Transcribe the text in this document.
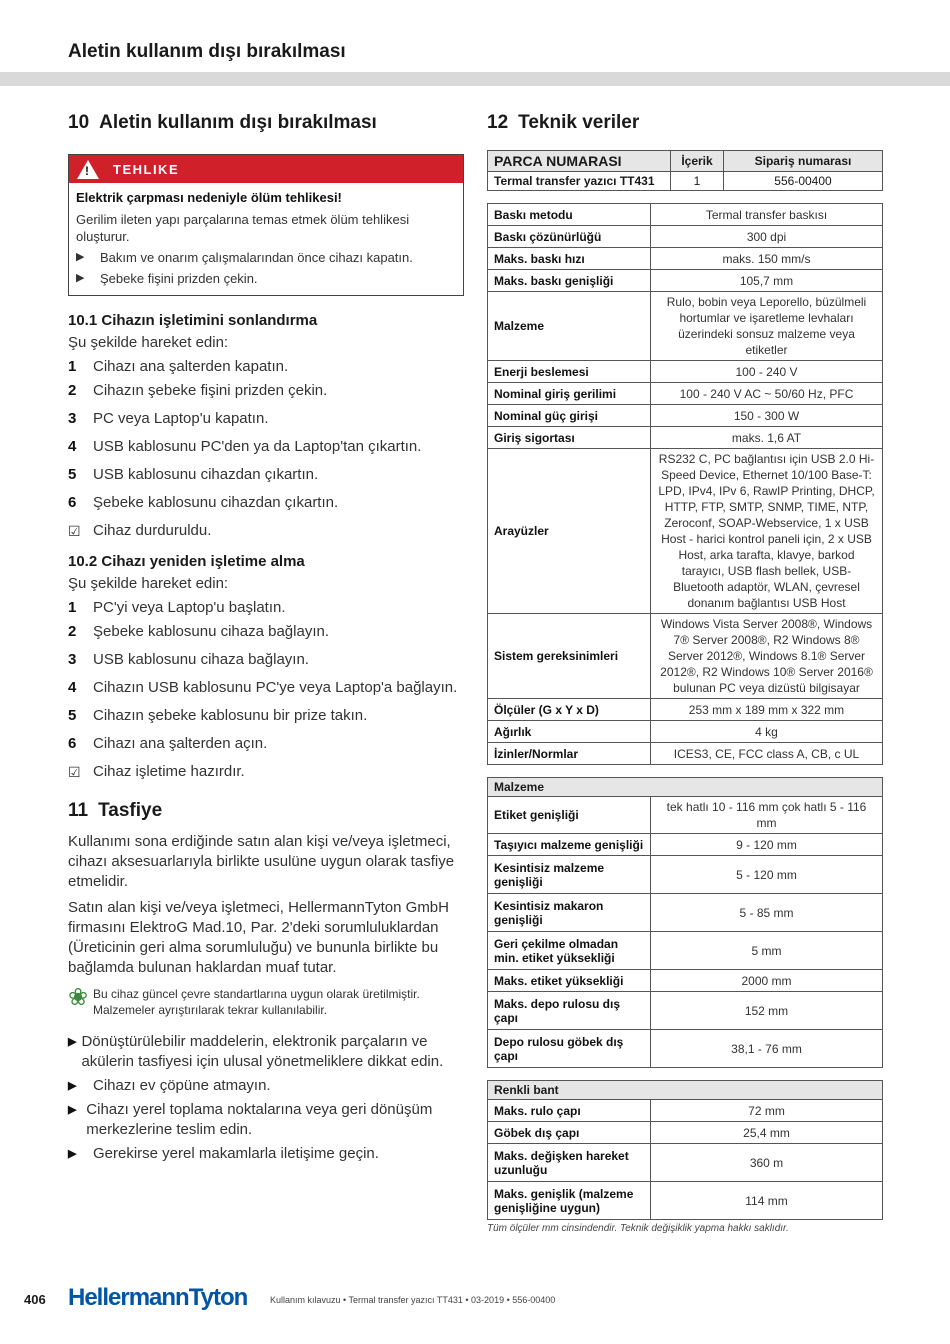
Aletin kullanım dışı bırakılması
10 Aletin kullanım dışı bırakılması
! TEHLIKE
Elektrik çarpması nedeniyle ölüm tehlikesi!
Gerilim ileten yapı parçalarına temas etmek ölüm tehlikesi oluşturur.
▶	Bakım ve onarım çalışmalarından önce cihazı kapatın.
▶	Şebeke fişini prizden çekin.
10.1 Cihazın işletimini sonlandırma
Şu şekilde hareket edin:
1	Cihazı ana şalterden kapatın.
2	Cihazın şebeke fişini prizden çekin.
3	PC veya Laptop'u kapatın.
4	USB kablosunu PC'den ya da Laptop'tan çıkartın.
5	USB kablosunu cihazdan çıkartın.
6	Şebeke kablosunu cihazdan çıkartın.
☑ Cihaz durduruldu.
10.2 Cihazı yeniden işletime alma
Şu şekilde hareket edin:
1	PC'yi veya Laptop'u başlatın.
2	Şebeke kablosunu cihaza bağlayın.
3	USB kablosunu cihaza bağlayın.
4	Cihazın USB kablosunu PC'ye veya Laptop'a bağlayın.
5	Cihazın şebeke kablosunu bir prize takın.
6	Cihazı ana şalterden açın.
☑ Cihaz işletime hazırdır.
11 Tasfiye
Kullanımı sona erdiğinde satın alan kişi ve/veya işletmeci, cihazı aksesuarlarıyla birlikte usulüne uygun olarak tasfiye etmelidir.
Satın alan kişi ve/veya işletmeci, HellermannTyton GmbH firmasını ElektroG Mad.10, Par. 2'deki sorumluluklardan (Üreticinin geri alma sorumluluğu) ve bununla birlikte bu bağlamda bulunan haklardan muaf tutar.
❀ Bu cihaz güncel çevre standartlarına uygun olarak üretilmiştir. Malzemeler ayrıştırılarak tekrar kullanılabilir.
▶ Dönüştürülebilir maddelerin, elektronik parçaların ve akülerin tasfiyesi için ulusal yönetmeliklere dikkat edin.
▶	Cihazı ev çöpüne atmayın.
▶ Cihazı yerel toplama noktalarına veya geri dönüşüm merkezlerine teslim edin.
▶	Gerekirse yerel makamlarla iletişime geçin.
12 Teknik veriler
PARCA NUMARASI	İçerik	Sipariş numarası
Termal transfer yazıcı TT431	1	556-00400
Baskı metodu	Termal transfer baskısı
Baskı çözünürlüğü	300 dpi
Maks. baskı hızı	maks. 150 mm/s
Maks. baskı genişliği	105,7 mm
Malzeme	Rulo, bobin veya Leporello, büzülmeli hortumlar ve işaretleme levhaları üzerindeki sonsuz malzeme veya etiketler
Enerji beslemesi	100 - 240 V
Nominal giriş gerilimi	100 - 240 V AC ~ 50/60 Hz, PFC
Nominal güç girişi	150 - 300 W
Giriş sigortası	maks. 1,6 AT
Arayüzler	RS232 C, PC bağlantısı için USB 2.0 Hi-Speed Device, Ethernet 10/100 Base-T: LPD, IPv4, IPv 6, RawIP Printing, DHCP, HTTP, FTP, SMTP, SNMP, TIME, NTP, Zeroconf, SOAP-Webservice, 1 x USB Host - harici kontrol paneli için, 2 x USB Host, arka tarafta, klavye, barkod tarayıcı, USB flash bellek, USB-Bluetooth adaptör, WLAN, çevresel donanım bağlantısı USB Host
Sistem gereksinimleri	Windows Vista Server 2008®, Windows 7® Server 2008®, R2 Windows 8® Server 2012®, Windows 8.1® Server 2012®, R2 Windows 10® Server 2016® bulunan PC veya dizüstü bilgisayar
Ölçüler (G x Y x D)	253 mm x 189 mm x 322 mm
Ağırlık	4 kg
İzinler/Normlar	ICES3, CE, FCC class A, CB, c UL
Malzeme	
Etiket genişliği	tek hatlı 10 - 116 mm çok hatlı 5 - 116 mm
Taşıyıcı malzeme genişliği	9 - 120 mm
Kesintisiz malzeme genişliği	5 - 120 mm
Kesintisiz makaron genişliği	5 - 85 mm
Geri çekilme olmadan min. etiket yüksekliği	5 mm
Maks. etiket yüksekliği	2000 mm
Maks. depo rulosu dış çapı	152 mm
Depo rulosu göbek dış çapı	38,1 - 76 mm
Renkli bant	
Maks. rulo çapı	72 mm
Göbek dış çapı	25,4 mm
Maks. değişken hareket uzunluğu	360 m
Maks. genişlik (malzeme genişliğine uygun)	114 mm
Tüm ölçüler mm cinsindendir. Teknik değişiklik yapma hakkı saklıdır.
406 HellermannTyton	Kullanım kılavuzu • Termal transfer yazıcı TT431 • 03-2019 • 556-00400
